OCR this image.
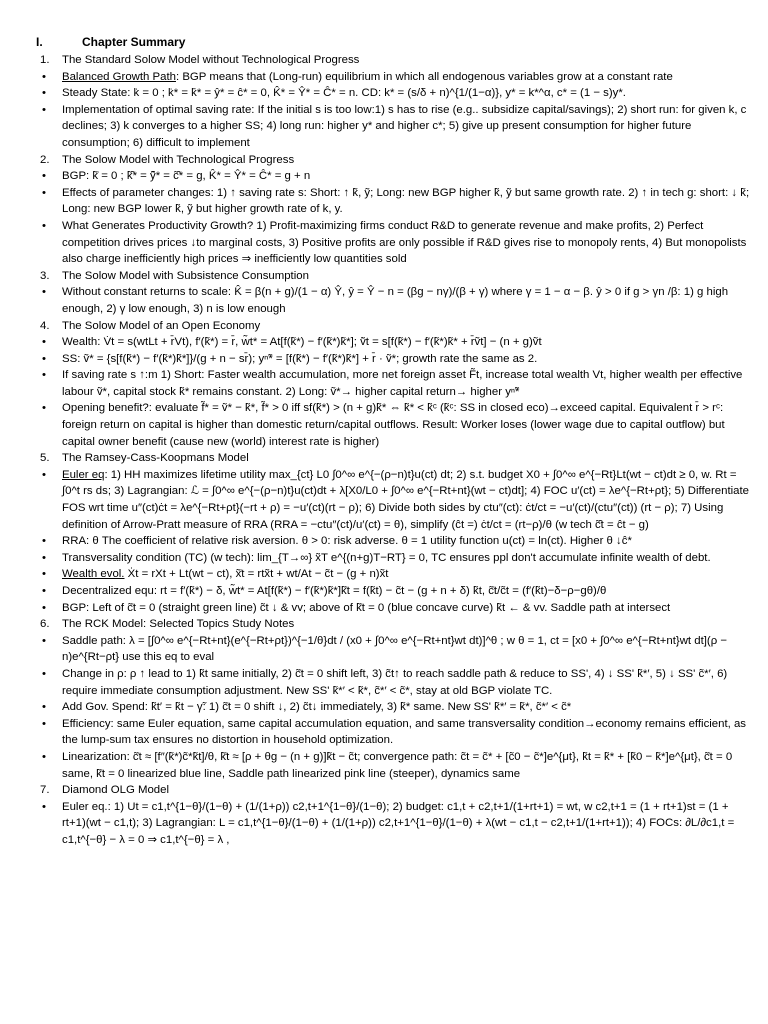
I.	Chapter Summary
1.	The Standard Solow Model without Technological Progress
•	Balanced Growth Path: BGP means that (Long-run) equilibrium in which all endogenous variables grow at a constant rate
•	Steady State: k̇ = 0 ; k̇* = k̄* = ŷ* = ĉ* = 0, K̂* = Ŷ* = Ĉ* = n. CD: k* = (s/δ + n)^{1/(1−α)}, y* = k*^α, c* = (1 − s)y*.
•	Implementation of optimal saving rate: If the initial s is too low:1) s has to rise (e.g.. subsidize capital/savings); 2) short run: for given k, c declines; 3) k converges to a higher SS; 4) long run: higher y* and higher c*; 5) give up present consumption for higher future consumption; 6) difficult to implement
2.	The Solow Model with Technological Progress
•	BGP: k̃̇ = 0 ; k̃̂* = ỹ̂* = c̃̂* = g, K̂* = Ŷ* = Ĉ* = g + n
•	Effects of parameter changes: 1) ↑ saving rate s: Short: ↑ k̃, ỹ; Long: new BGP higher k̃, ỹ but same growth rate. 2) ↑ in tech g: short: ↓ k̃; Long: new BGP lower k̃, ỹ but higher growth rate of k, y.
•	What Generates Productivity Growth? 1) Profit-maximizing firms conduct R&D to generate revenue and make profits, 2) Perfect competition drives prices ↓to marginal costs, 3) Positive profits are only possible if R&D gives rise to monopoly rents, 4) But monopolists also charge inefficiently high prices ⇒ inefficiently low quantities sold
3.	The Solow Model with Subsistence Consumption
•	Without constant returns to scale: K̂ = β(n + g)/(1 − α) Ŷ, ŷ = Ŷ − n = (βg − nγ)/(β + γ) where γ = 1 − α − β. ŷ > 0 if g > γn /β: 1) g high enough, 2) γ low enough, 3) n is low enough
4.	The Solow Model of an Open Economy
•	Wealth: V̇t = s(wtLt + r̄Vt), f′(k̃*) = r̄, w̃t* = At[f(k̃*) − f′(k̃*)k̃*]; ṽ̇t = s[f(k̃*) − f′(k̃*)k̃* + r̄ṽt] − (n + g)ṽt
•	SS: ṽ* = {s[f(k̃*) − f′(k̃*)k̃*]}/(g + n − sr̄); yⁿ̃* = [f(k̃*) − f′(k̃*)k̃*] + r̄ · ṽ*; growth rate the same as 2.
•	If saving rate s ↑:m 1) Short: Faster wealth accumulation, more net foreign asset F̃t, increase total wealth Vt, higher wealth per effective labour ṽ*, capital stock k̃* remains constant. 2) Long: ṽ*→ higher capital return→ higher yⁿ̃*
•	Opening benefit?: evaluate f̃* = ṽ* − k̃*, f̃* > 0 iff sf(k̃*) > (n + g)k̃* ⇔ k̃* < k̃ᶜ (k̃ᶜ: SS in closed eco)→exceed capital. Equivalent r̄ > rᶜ: foreign return on capital is higher than domestic return/capital outflows. Result: Worker loses (lower wage due to capital outflow) but capital owner benefit (cause new (world) interest rate is higher)
5.	The Ramsey-Cass-Koopmans Model
•	Euler eq: 1) HH maximizes lifetime utility max_{ct} L0 ∫0^∞ e^{−(ρ−n)t}u(ct) dt; 2) s.t. budget X0 + ∫0^∞ e^{−Rt}Lt(wt − ct)dt ≥ 0, w. Rt = ∫0^t rs ds; 3) Lagrangian: ℒ = ∫0^∞ e^{−(ρ−n)t}u(ct)dt + λ[X0/L0 + ∫0^∞ e^{−Rt+nt}(wt − ct)dt]; 4) FOC u′(ct) = λe^{−Rt+ρt}; 5) Differentiate FOS wrt time u″(ct)ċt = λe^{−Rt+ρt}(−rt + ρ) = −u′(ct)(rt − ρ); 6) Divide both sides by ctu″(ct): ċt/ct = −u′(ct)/(ctu″(ct)) (rt − ρ); 7) Using definition of Arrow-Pratt measure of RRA (RRA = −ctu″(ct)/u′(ct) = θ), simplify (ĉt =) ċt/ct = (rt−ρ)/θ (w tech c̃̂t = ĉt − g)
•	RRA: θ The coefficient of relative risk aversion. θ > 0: risk adverse. θ = 1 utility function u(ct) = ln(ct). Higher θ ↓ĉ*
•	Transversality condition (TC) (w tech): lim_{T→∞} x̃T e^{(n+g)T−RT} = 0, TC ensures ppl don't accumulate infinite wealth of debt.
•	Wealth evol. Ẋt = rXt + Lt(wt − ct), x̃̇t = rtx̃t + wt/At − c̃t − (g + n)x̃t
•	Decentralized equ: rt = f′(k̃*) − δ, w̃t* = At[f(k̃*) − f′(k̃*)k̃*]k̃̇t = f(k̃t) − c̃t − (g + n + δ) k̃t, c̃̇t/c̃t = (f′(k̃t)−δ−ρ−gθ)/θ
•	BGP: Left of c̃̇t = 0 (straight green line) c̃t ↓ & vv; above of k̃̇t = 0 (blue concave curve) k̃t ← & vv. Saddle path at intersect
6.	The RCK Model: Selected Topics Study Notes
•	Saddle path: λ = [∫0^∞ e^{−Rt+nt}(e^{−Rt+ρt})^{−1/θ}dt / (x0 + ∫0^∞ e^{−Rt+nt}wt dt)]^θ ; w θ = 1, ct = [x0 + ∫0^∞ e^{−Rt+nt}wt dt](ρ − n)e^{Rt−ρt} use this eq to eval
•	Change in ρ: ρ ↑ lead to 1) k̃t same initially, 2) c̃̇t = 0 shift left, 3) c̃t↑ to reach saddle path & reduce to SS', 4) ↓ SS' k̃*′, 5) ↓ SS' c̃*′, 6) require immediate consumption adjustment. New SS' k̃*′ < k̃*, c̃*′ < c̃*, stay at old BGP violate TC.
•	Add Gov. Spend: k̃t′ = k̃t − γ̃: 1) c̃̇t = 0 shift ↓, 2) c̃t↓ immediately, 3) k̃* same. New SS' k̃*′ = k̃*, c̃*′ < c̃*
•	Efficiency: same Euler equation, same capital accumulation equation, and same transversality condition→economy remains efficient, as the lump-sum tax ensures no distortion in household optimization.
•	Linearization: c̃̇t ≈ [f″(k̃*)c̃*k̃t]/θ, k̃̇t ≈ [ρ + θg − (n + g)]k̃t − c̃t; convergence path: c̃t = c̃* + [c̃0 − c̃*]e^{μt}, k̃t = k̃* + [k̃0 − k̃*]e^{μt}, c̃̇t = 0 same, k̃̇t = 0 linearized blue line, Saddle path linearized pink line (steeper), dynamics same
7.	Diamond OLG Model
•	Euler eq.: 1) Ut = c1,t^{1−θ}/(1−θ) + (1/(1+ρ)) c2,t+1^{1−θ}/(1−θ); 2) budget: c1,t + c2,t+1/(1+rt+1) = wt, w c2,t+1 = (1 + rt+1)st = (1 + rt+1)(wt − c1,t); 3) Lagrangian: L = c1,t^{1−θ}/(1−θ) + (1/(1+ρ)) c2,t+1^{1−θ}/(1−θ) + λ(wt − c1,t − c2,t+1/(1+rt+1)); 4) FOCs: ∂L/∂c1,t = c1,t^{−θ} − λ = 0 ⇒ c1,t^{−θ} = λ ,
